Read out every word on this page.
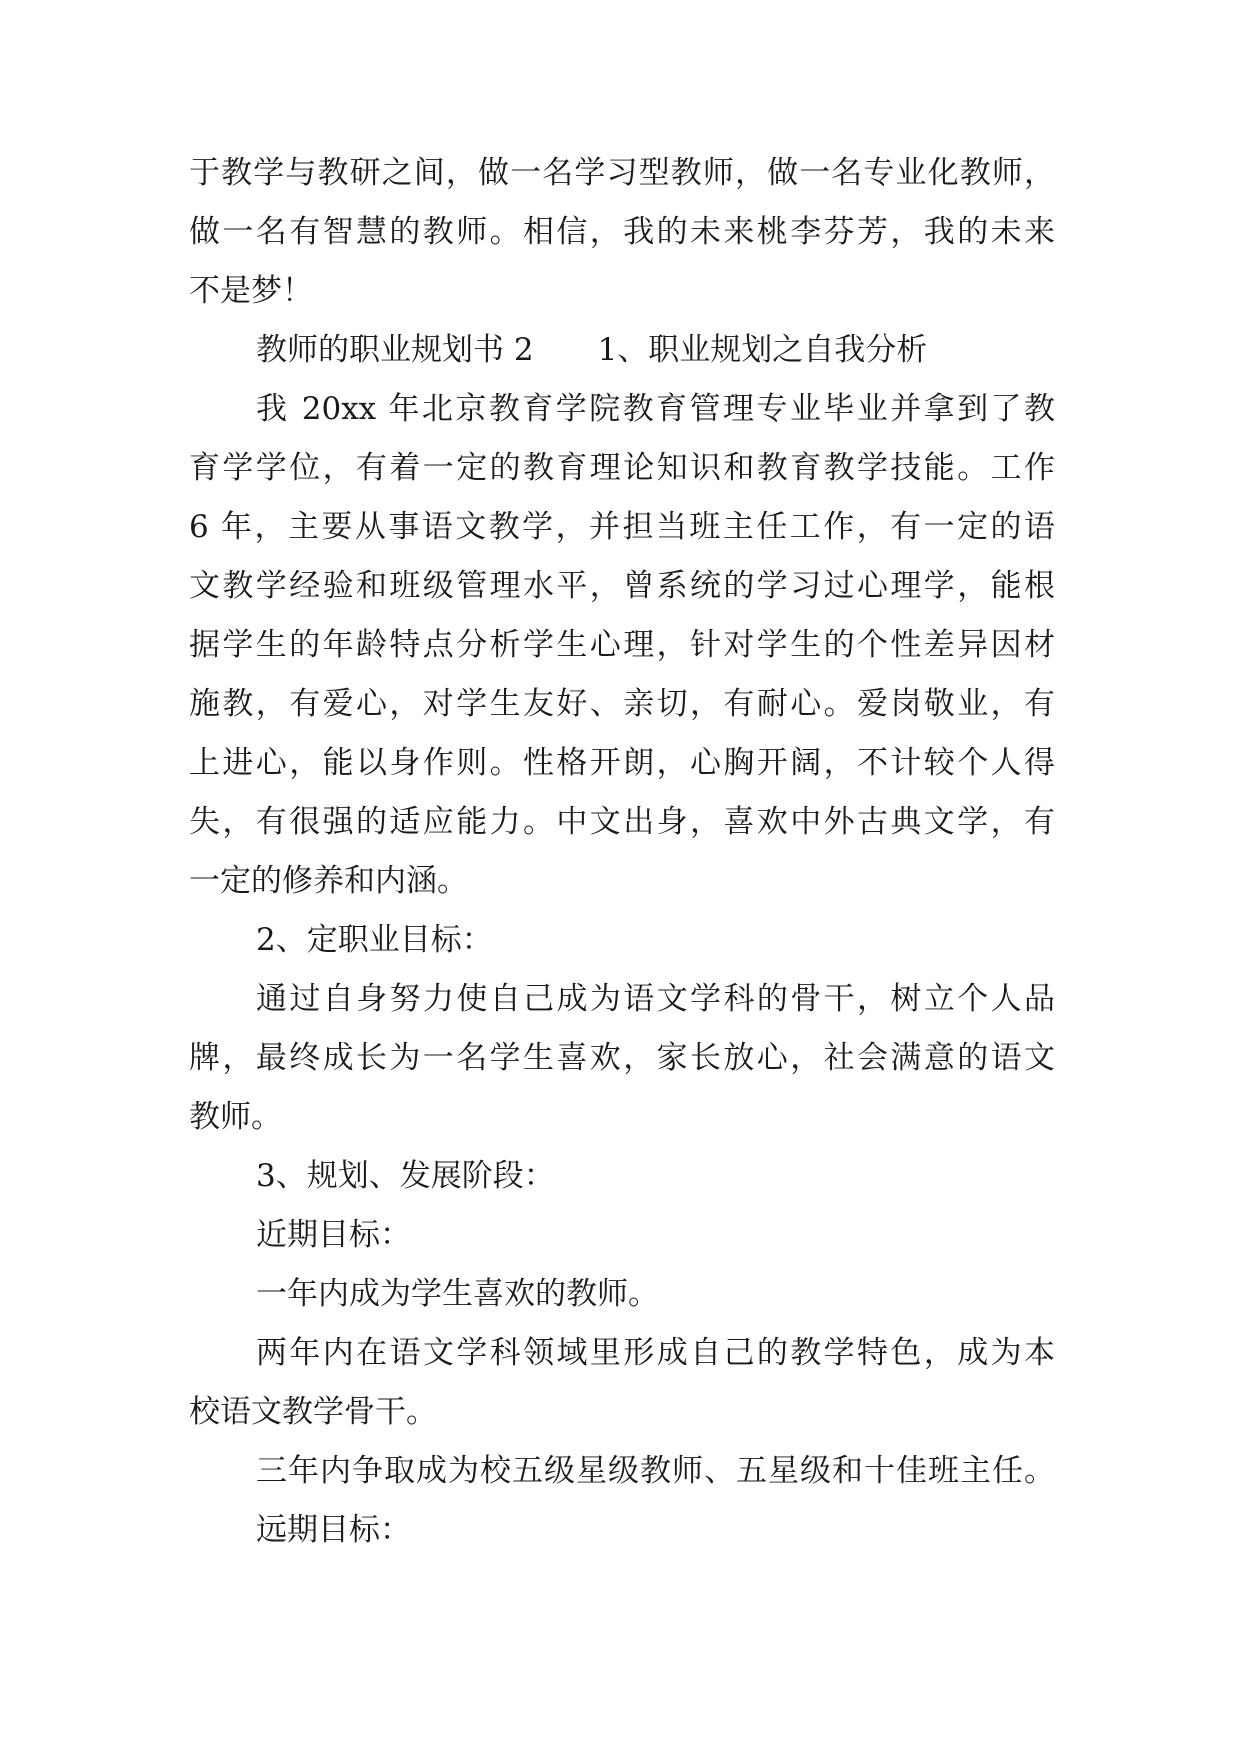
于教学与教研之间，做一名学习型教师，做一名专业化教师，
做一名有智慧的教师。相信，我的未来桃李芬芳，我的未来
不是梦！
教师的职业规划书 2 1、职业规划之自我分析
我 20xx 年北京教育学院教育管理专业毕业并拿到了教
育学学位，有着一定的教育理论知识和教育教学技能。工作
6 年，主要从事语文教学，并担当班主任工作，有一定的语
文教学经验和班级管理水平，曾系统的学习过心理学，能根
据学生的年龄特点分析学生心理，针对学生的个性差异因材
施教，有爱心，对学生友好、亲切，有耐心。爱岗敬业，有
上进心，能以身作则。性格开朗，心胸开阔，不计较个人得
失，有很强的适应能力。中文出身，喜欢中外古典文学，有
一定的修养和内涵。
2、定职业目标：
通过自身努力使自己成为语文学科的骨干，树立个人品
牌，最终成长为一名学生喜欢，家长放心，社会满意的语文
教师。
3、规划、发展阶段：
近期目标：
一年内成为学生喜欢的教师。
两年内在语文学科领域里形成自己的教学特色，成为本
校语文教学骨干。
三年内争取成为校五级星级教师、五星级和十佳班主任。
远期目标：
